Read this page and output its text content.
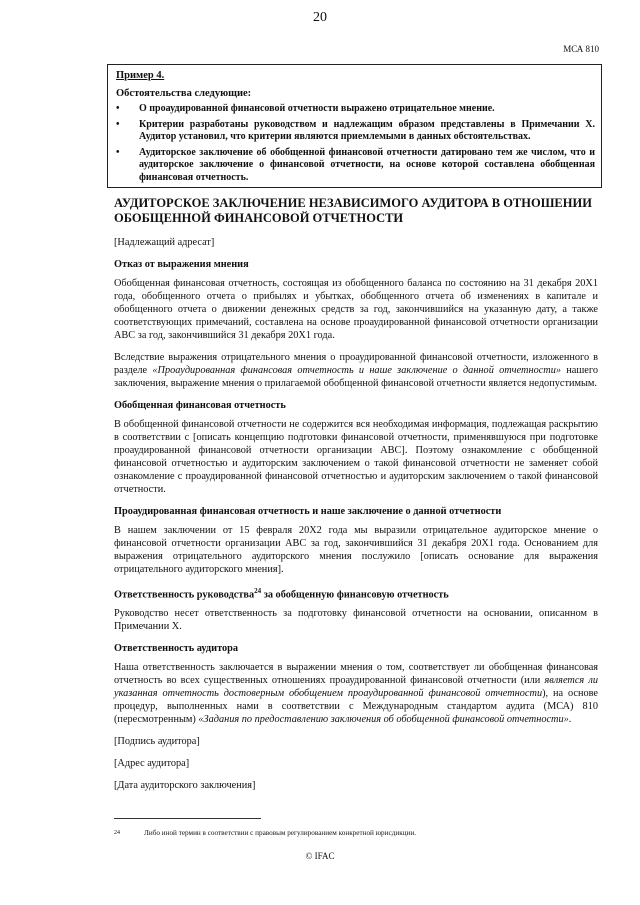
20
МСА 810
Пример 4.
Обстоятельства следующие:
• О проаудированной финансовой отчетности выражено отрицательное мнение.
• Критерии разработаны руководством и надлежащим образом представлены в Примечании Х. Аудитор установил, что критерии являются приемлемыми в данных обстоятельствах.
• Аудиторское заключение об обобщенной финансовой отчетности датировано тем же числом, что и аудиторское заключение о финансовой отчетности, на основе которой составлена обобщенная финансовая отчетность.
АУДИТОРСКОЕ ЗАКЛЮЧЕНИЕ НЕЗАВИСИМОГО АУДИТОРА В ОТНОШЕНИИ ОБОБЩЕННОЙ ФИНАНСОВОЙ ОТЧЕТНОСТИ
[Надлежащий адресат]
Отказ от выражения мнения

Обобщенная финансовая отчетность, состоящая из обобщенного баланса по состоянию на 31 декабря 20Х1 года, обобщенного отчета о прибылях и убытках, обобщенного отчета об изменениях в капитале и обобщенного отчета о движении денежных средств за год, закончившийся на указанную дату, а также соответствующих примечаний, составлена на основе проаудированной финансовой отчетности организации ABC за год, закончившийся 31 декабря 20Х1 года.

Вследствие выражения отрицательного мнения о проаудированной финансовой отчетности, изложенного в разделе «Проаудированная финансовая отчетность и наше заключение о данной отчетности» нашего заключения, выражение мнения о прилагаемой обобщенной финансовой отчетности является недопустимым.

Обобщенная финансовая отчетность

В обобщенной финансовой отчетности не содержится вся необходимая информация, подлежащая раскрытию в соответствии с [описать концепцию подготовки финансовой отчетности, применявшуюся при подготовке проаудированной финансовой отчетности организации ABC]. Поэтому ознакомление с обобщенной финансовой отчетностью и аудиторским заключением о такой финансовой отчетности не заменяет собой ознакомление с проаудированной финансовой отчетностью и аудиторским заключением о такой финансовой отчетности.

Проаудированная финансовая отчетность и наше заключение о данной отчетности

В нашем заключении от 15 февраля 20Х2 года мы выразили отрицательное аудиторское мнение о финансовой отчетности организации ABC за год, закончившийся 31 декабря 20Х1 года. Основанием для выражения отрицательного аудиторского мнения послужило [описать основание для выражения отрицательного аудиторского мнения].

Ответственность руководства$^{24}$ за обобщенную финансовую отчетность

Руководство несет ответственность за подготовку финансовой отчетности на основании, описанном в Примечании Х.

Ответственность аудитора

Наша ответственность заключается в выражении мнения о том, соответствует ли обобщенная финансовая отчетность во всех существенных отношениях проаудированной финансовой отчетности (или является ли указанная отчетность достоверным обобщением проаудированной финансовой отчетности), на основе процедур, выполненных нами в соответствии с Международным стандартом аудита (МСА) 810 (пересмотренным) «Задания по предоставлению заключения об обобщенной финансовой отчетности».

[Подпись аудитора]
[Адрес аудитора]
[Дата аудиторского заключения]
24	Либо иной термин в соответствии с правовым регулированием конкретной юрисдикции.
© IFAC
